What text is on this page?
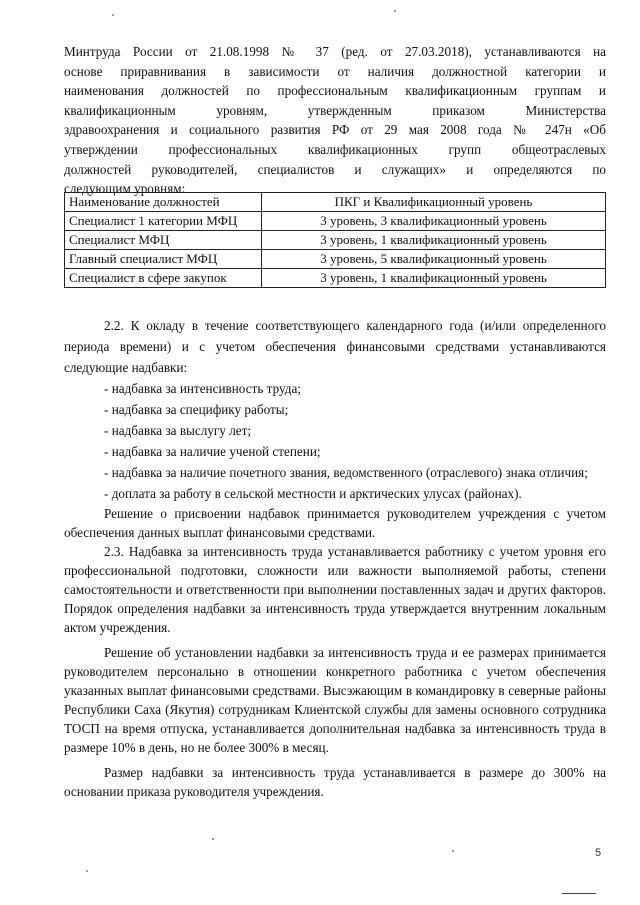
Минтруда России от 21.08.1998 № 37 (ред. от 27.03.2018), устанавливаются на
основе приравнивания в зависимости от наличия должностной категории и
наименования должностей по профессиональным квалификационным группам и
квалификационным уровням, утвержденным приказом Министерства
здравоохранения и социального развития РФ от 29 мая 2008 года № 247н «Об
утверждении профессиональных квалификационных групп общеотраслевых
должностей руководителей, специалистов и служащих» и определяются по
следующим уровням:
Наименование должностей	ПКГ и Квалификационный уровень
Специалист 1 категории МФЦ	3 уровень, 3 квалификационный уровень
Специалист МФЦ	3 уровень, 1 квалификационный уровень
Главный специалист МФЦ	3 уровень, 5 квалификационный уровень
Специалист в сфере закупок	3 уровень, 1 квалификационный уровень

2.2. К окладу в течение соответствующего календарного года (и/или определенного периода времени) и с учетом обеспечения финансовыми средствами устанавливаются следующие надбавки:

- надбавка за интенсивность труда;

- надбавка за специфику работы;

- надбавка за выслугу лет;

- надбавка за наличие ученой степени;

- надбавка за наличие почетного звания, ведомственного (отраслевого) знака отличия;

- доплата за работу в сельской местности и арктических улусах (районах).

Решение о присвоении надбавок принимается руководителем учреждения с учетом обеспечения данных выплат финансовыми средствами.

2.3. Надбавка за интенсивность труда устанавливается работнику с учетом уровня его профессиональной подготовки, сложности или важности выполняемой работы, степени самостоятельности и ответственности при выполнении поставленных задач и других факторов. Порядок определения надбавки за интенсивность труда утверждается внутренним локальным актом учреждения.

Решение об установлении надбавки за интенсивность труда и ее размерах принимается руководителем персонально в отношении конкретного работника с учетом обеспечения указанных выплат финансовыми средствами. Высэжающим в командировку в северные районы Республики Саха (Якутия) сотрудникам Клиентской службы для замены основного сотрудника ТОСП на время отпуска, устанавливается дополнительная надбавка за интенсивность труда в размере 10% в день, но не более 300% в месяц.

Размер надбавки за интенсивность труда устанавливается в размере до 300% на основании приказа руководителя учреждения.

5
